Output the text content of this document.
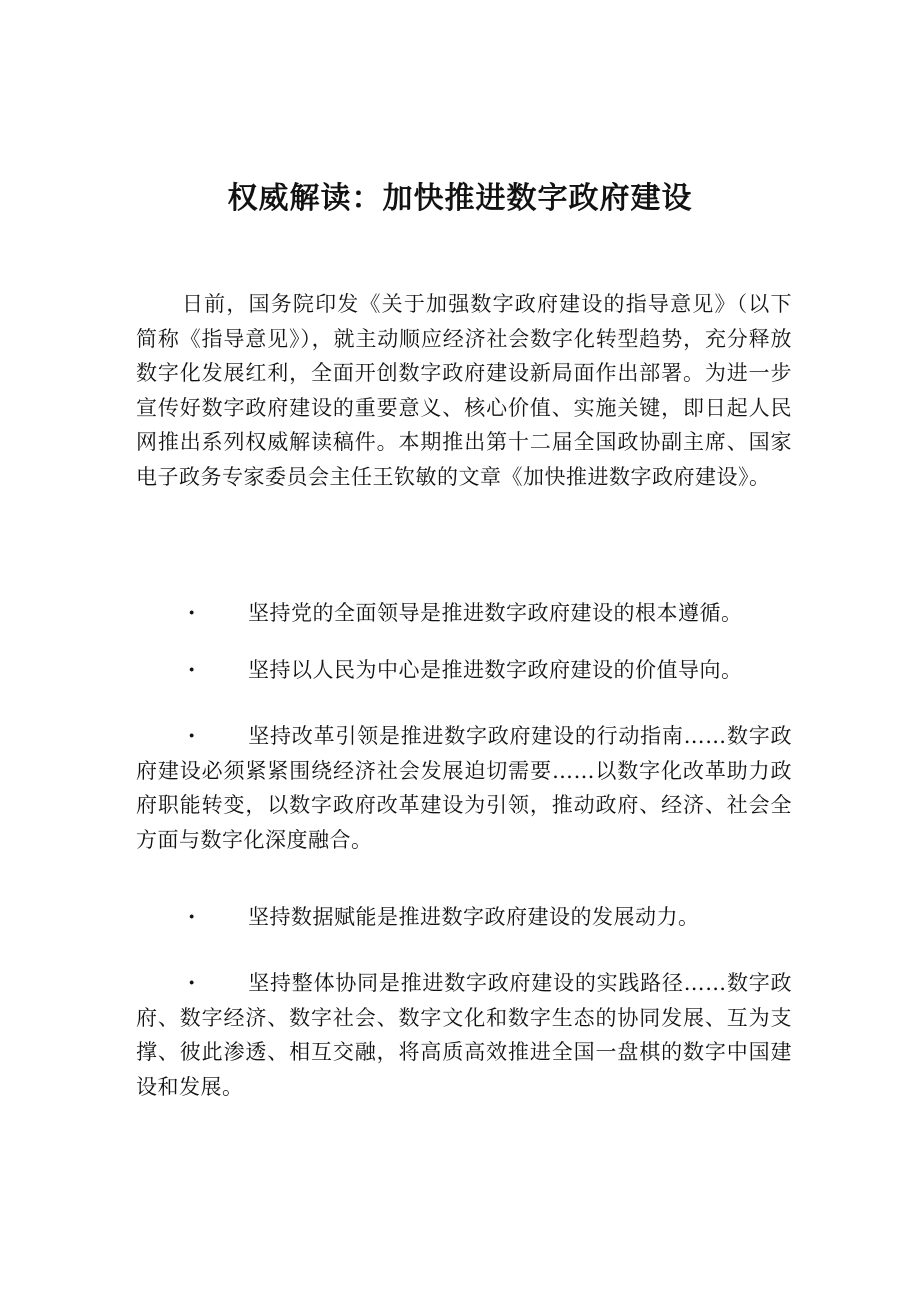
权威解读：加快推进数字政府建设
日前，国务院印发《关于加强数字政府建设的指导意见》（以下简称《指导意见》），就主动顺应经济社会数字化转型趋势，充分释放数字化发展红利，全面开创数字政府建设新局面作出部署。为进一步宣传好数字政府建设的重要意义、核心价值、实施关键，即日起人民网推出系列权威解读稿件。本期推出第十二届全国政协副主席、国家电子政务专家委员会主任王钦敏的文章《加快推进数字政府建设》。
· 坚持党的全面领导是推进数字政府建设的根本遵循。
· 坚持以人民为中心是推进数字政府建设的价值导向。
· 坚持改革引领是推进数字政府建设的行动指南……数字政府建设必须紧紧围绕经济社会发展迫切需要……以数字化改革助力政府职能转变，以数字政府改革建设为引领，推动政府、经济、社会全方面与数字化深度融合。
· 坚持数据赋能是推进数字政府建设的发展动力。
· 坚持整体协同是推进数字政府建设的实践路径……数字政府、数字经济、数字社会、数字文化和数字生态的协同发展、互为支撑、彼此渗透、相互交融，将高质高效推进全国一盘棋的数字中国建设和发展。
